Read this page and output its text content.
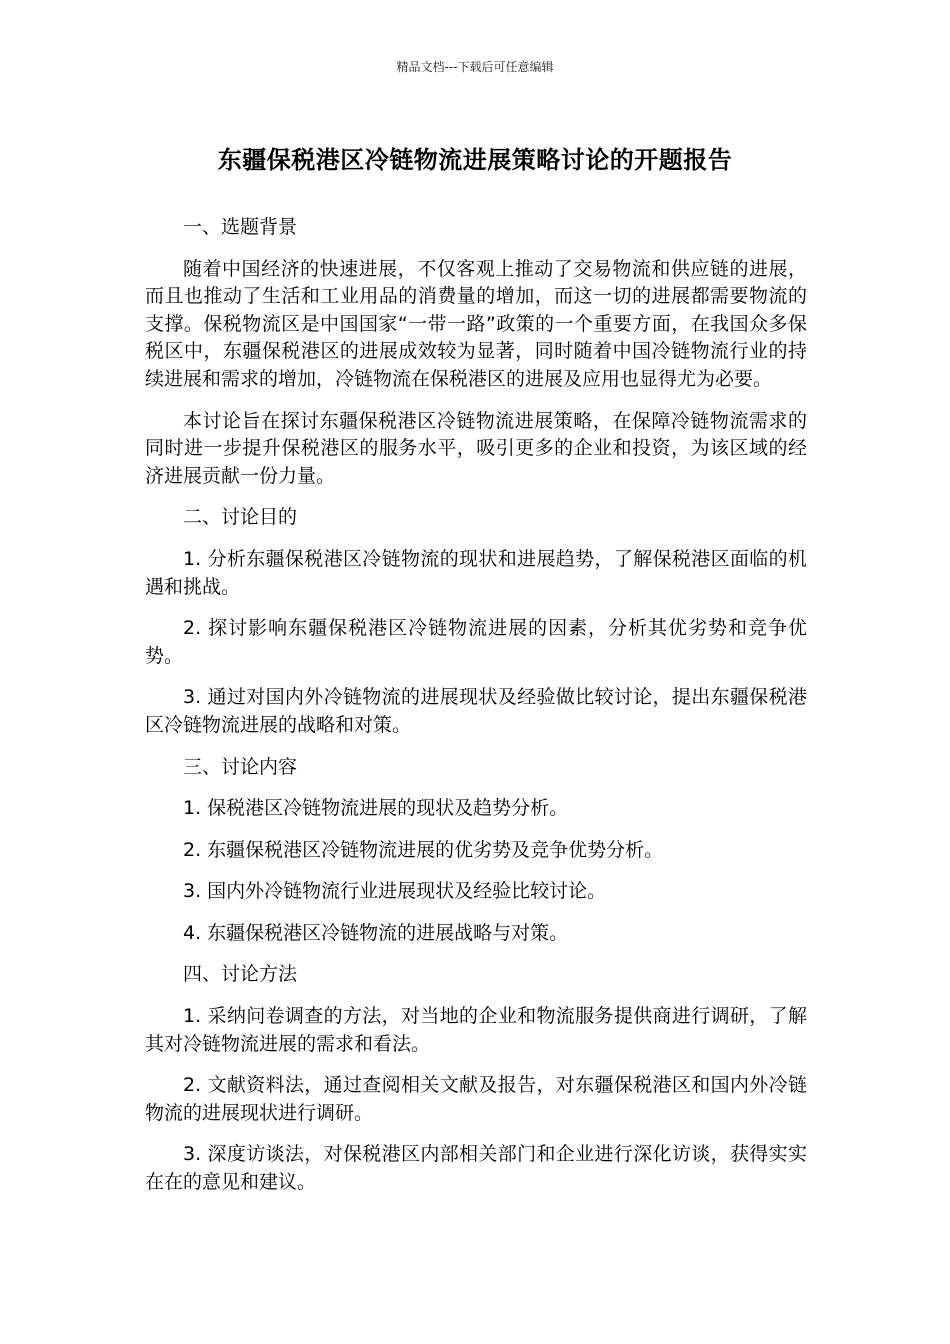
精品文档---下载后可任意编辑
东疆保税港区冷链物流进展策略讨论的开题报告

一、选题背景

随着中国经济的快速进展，不仅客观上推动了交易物流和供应链的进展，而且也推动了生活和工业用品的消费量的增加，而这一切的进展都需要物流的支撑。保税物流区是中国国家“一带一路”政策的一个重要方面，在我国众多保税区中，东疆保税港区的进展成效较为显著，同时随着中国冷链物流行业的持续进展和需求的增加，冷链物流在保税港区的进展及应用也显得尤为必要。

本讨论旨在探讨东疆保税港区冷链物流进展策略，在保障冷链物流需求的同时进一步提升保税港区的服务水平，吸引更多的企业和投资，为该区域的经济进展贡献一份力量。

二、讨论目的

1. 分析东疆保税港区冷链物流的现状和进展趋势，了解保税港区面临的机遇和挑战。

2. 探讨影响东疆保税港区冷链物流进展的因素，分析其优劣势和竞争优势。

3. 通过对国内外冷链物流的进展现状及经验做比较讨论，提出东疆保税港区冷链物流进展的战略和对策。

三、讨论内容

1. 保税港区冷链物流进展的现状及趋势分析。

2. 东疆保税港区冷链物流进展的优劣势及竞争优势分析。

3. 国内外冷链物流行业进展现状及经验比较讨论。

4. 东疆保税港区冷链物流的进展战略与对策。

四、讨论方法

1. 采纳问卷调查的方法，对当地的企业和物流服务提供商进行调研，了解其对冷链物流进展的需求和看法。

2. 文献资料法，通过查阅相关文献及报告，对东疆保税港区和国内外冷链物流的进展现状进行调研。

3. 深度访谈法，对保税港区内部相关部门和企业进行深化访谈，获得实实在在的意见和建议。
